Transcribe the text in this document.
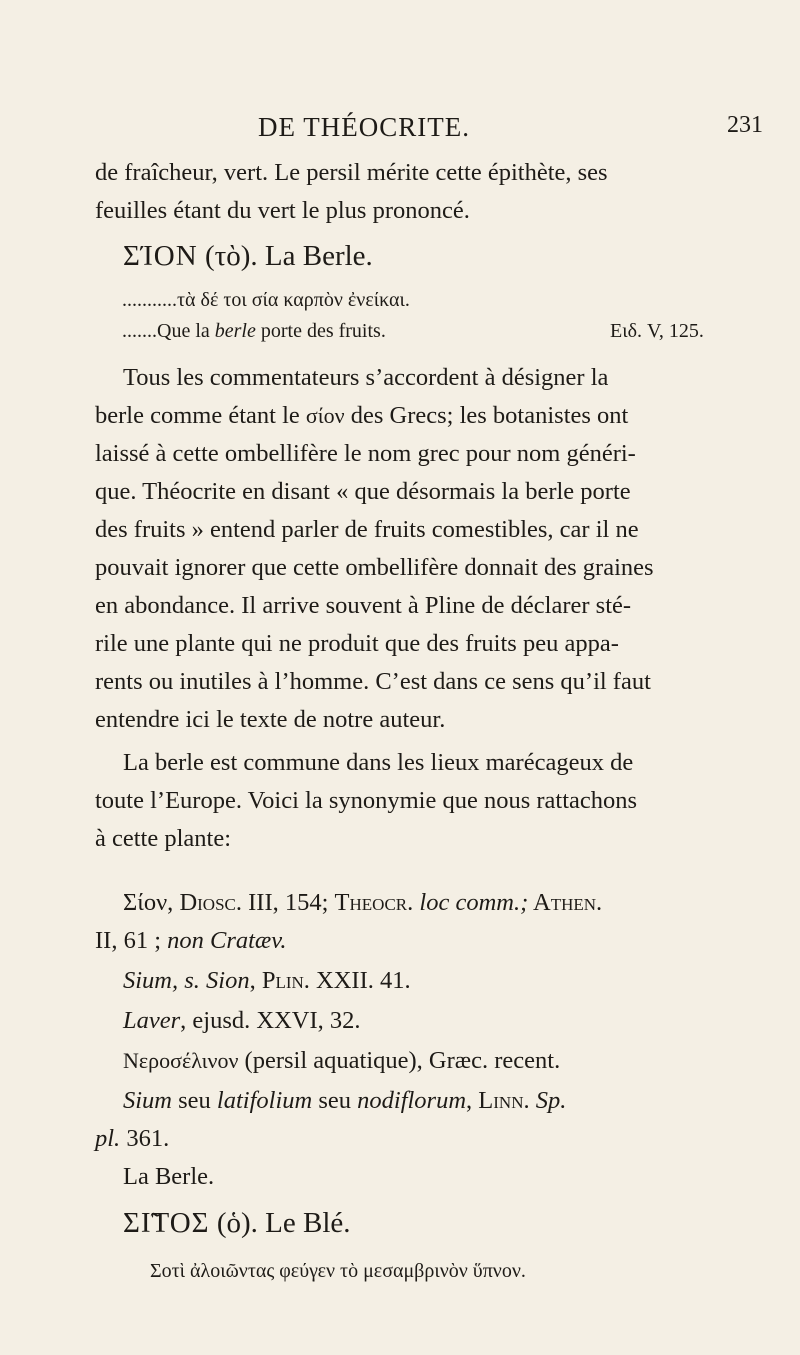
DE THÉOCRITE.	231
de fraîcheur, vert. Le persil mérite cette épithète, ses
feuilles étant du vert le plus prononcé.
ΣΊΟΝ (τὸ). La Berle.
...........τὰ δέ τοι σία καρπὸν ἐνείκαι.
.......Que la berle porte des fruits.	Eιδ. V, 125.
Tous les commentateurs s’accordent à désigner la
berle comme étant le σίον des Grecs; les botanistes ont
laissé à cette ombellifère le nom grec pour nom généri-
que. Théocrite en disant « que désormais la berle porte
des fruits » entend parler de fruits comestibles, car il ne
pouvait ignorer que cette ombellifère donnait des graines
en abondance. Il arrive souvent à Pline de déclarer sté-
rile une plante qui ne produit que des fruits peu appa-
rents ou inutiles à l’homme. C’est dans ce sens qu’il faut
entendre ici le texte de notre auteur.
La berle est commune dans les lieux marécageux de
toute l’Europe. Voici la synonymie que nous rattachons
à cette plante:
Σίον, Diosc. III, 154; Theocr. loc comm.; Athen.
II, 61 ; non Cratæv.
Sium, s. Sion, Plin. XXII. 41.
Laver, ejusd. XXVI, 32.
Νεροσέλινον (persil aquatique), Græc. recent.
Sium seu latifolium seu nodiflorum, Linn. Sp.
pl. 361.
La Berle.
ΣΙ̃ΤΟΣ (ὁ). Le Blé.
Σοτὶ ἀλοιῶντας φεύγεν τὸ μεσαμβρινὸν ὕπνον.
